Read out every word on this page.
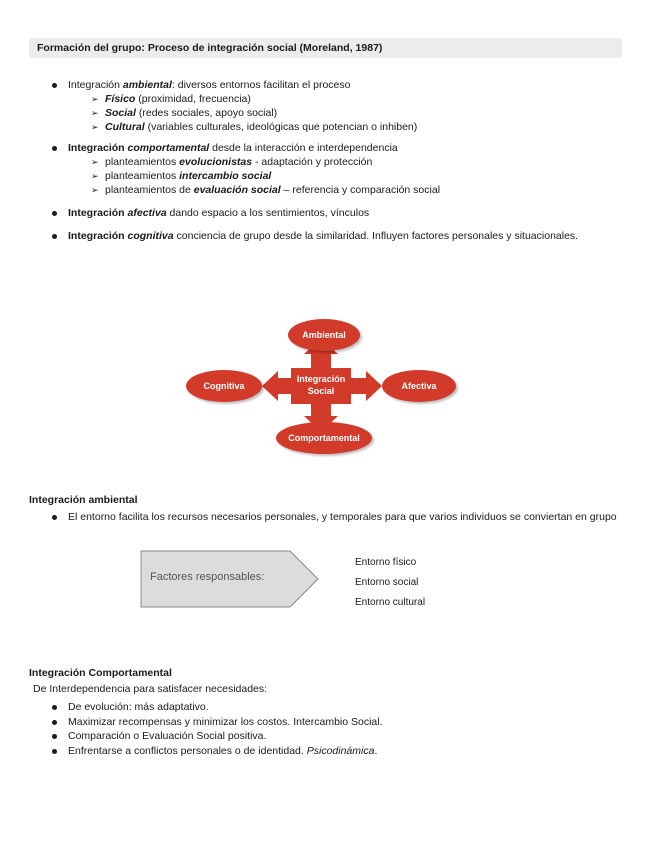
Formación del grupo: Proceso de integración social (Moreland, 1987)
Integración ambiental: diversos entornos facilitan el proceso
➢ Físico (proximidad, frecuencia)
➢ Social (redes sociales, apoyo social)
➢ Cultural (variables culturales, ideológicas que potencian o inhiben)
Integración comportamental desde la interacción e interdependencia
➢ planteamientos evolucionistas - adaptación y protección
➢ planteamientos intercambio social
➢ planteamientos de evaluación social – referencia y comparación social
Integración afectiva dando espacio a los sentimientos, vínculos
Integración cognitiva conciencia de grupo desde la similaridad. Influyen factores personales y situacionales.
Ambiental
Cognitiva	Afectiva
Comportamental
Integración
Social
Integración ambiental
El entorno facilita los recursos necesarios personales, y temporales para que varios individuos se conviertan en grupo
Factores responsables:
Entorno físico
Entorno social
Entorno cultural
Integración Comportamental
De Interdependencia para satisfacer necesidades:
De evolución: más adaptativo.
Maximizar recompensas y minimizar los costos. Intercambio Social.
Comparación o Evaluación Social positiva.
Enfrentarse a conflictos personales o de identidad. Psicodinámica.
